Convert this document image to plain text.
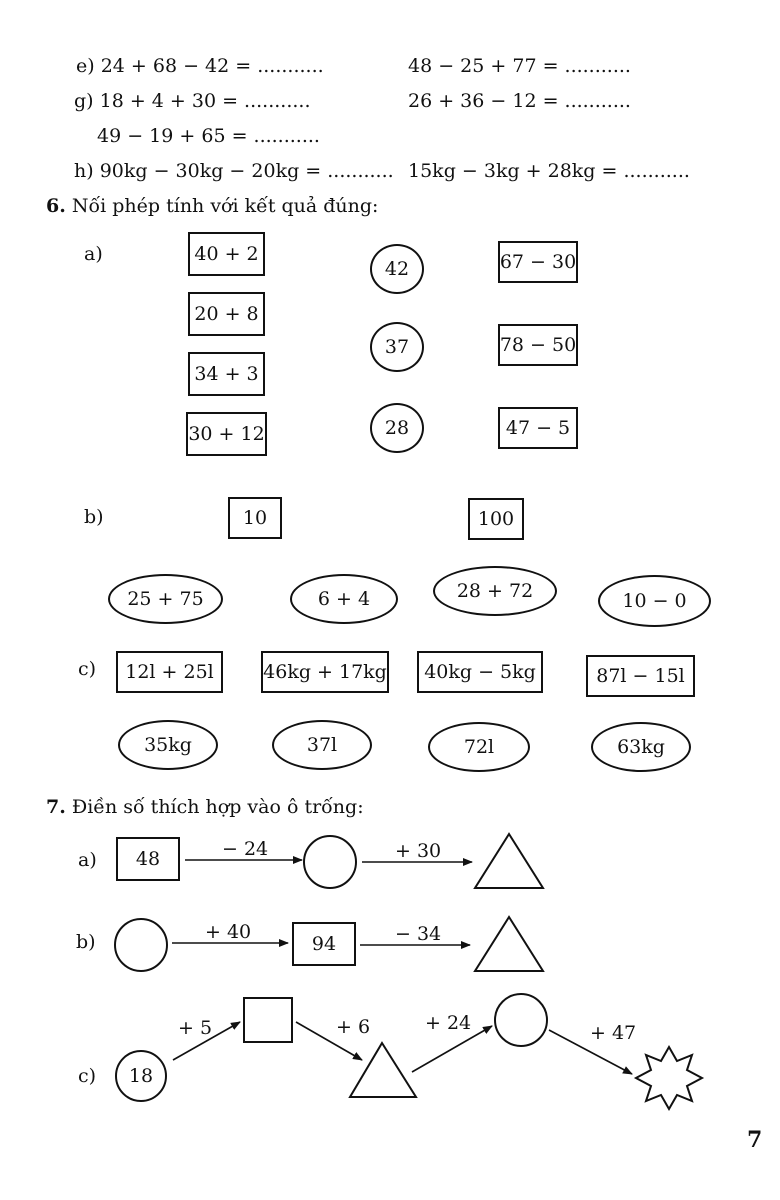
e) 24 + 68 − 42 = ...........	48 − 25 + 77 = ...........
g) 18 + 4 + 30 = ...........	26 + 36 − 12 = ...........
49 − 19 + 65 = ...........
h) 90kg − 30kg − 20kg = ........... 15kg − 3kg + 28kg = ...........
6. Nối phép tính với kết quả đúng:
a)	40 + 2
20 + 8
34 + 3
30 + 12
42
37
28
67 − 30
78 − 50
47 − 5
b)	10	100
25 + 75	6 + 4	28 + 72	10 − 0
c)	12l + 25l	46kg + 17kg	40kg − 5kg	87l − 15l
35kg	37l	72l	63kg
7. Điền số thích hợp vào ô trống:
a)	48	− 24	+ 30
b)	+ 40
94	− 34
c)	18
+ 5	+ 6	+ 24	+ 47
7
